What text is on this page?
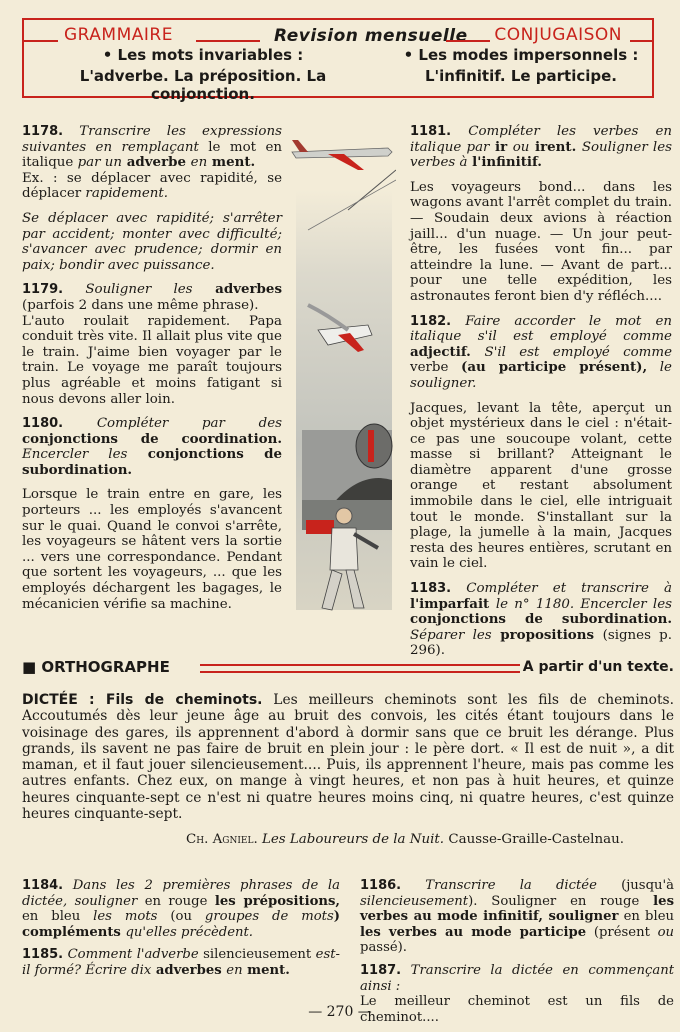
GRAMMAIRE	Revision mensuelle CONJUGAISON
• Les mots invariables :
L'adverbe. La préposition. La conjonction.
• Les modes impersonnels :
L'infinitif. Le participe.

1178. Transcrire les expressions suivantes en remplaçant le mot en italique par un adverbe en ment.
Ex. : se déplacer avec rapidité, se déplacer rapidement.

Se déplacer avec rapidité; s'arrêter par accident; monter avec difficulté; s'avancer avec prudence; dormir en paix; bondir avec puissance.

1179. Souligner les adverbes (parfois 2 dans une même phrase).
L'auto roulait rapidement. Papa conduit très vite. Il allait plus vite que le train. J'aime bien voyager par le train. Le voyage me paraît toujours plus agréable et moins fatigant si nous devons aller loin.

1180.	Compléter par des conjonctions de coordination. Encercler les conjonctions de subordination.

Lorsque le train entre en gare, les porteurs ... les employés s'avancent sur le quai. Quand le convoi s'arrête, les voyageurs se hâtent vers la sortie ... vers une correspondance. Pendant que sortent les voyageurs, ... que les employés déchargent les bagages, le mécanicien vérifie sa machine.

1181. Compléter les verbes en italique par ir ou irent. Souligner les verbes à l'infinitif.

Les voyageurs bond... dans les wagons avant l'arrêt complet du train. — Soudain deux avions à réaction jaill... d'un nuage. — Un jour peut-être, les fusées vont fin... par atteindre la lune. — Avant de part... pour une telle expédition, les astronautes feront bien d'y réfléch....

1182. Faire accorder le mot en italique s'il est employé comme adjectif. S'il est employé comme verbe (au participe présent), le souligner.

Jacques, levant la tête, aperçut un objet mystérieux dans le ciel : n'était-ce pas une soucoupe volant, cette masse si brillant? Atteignant le diamètre apparent d'une grosse orange et restant absolument immobile dans le ciel, elle intriguait tout le monde. S'installant sur la plage, la jumelle à la main, Jacques resta des heures entières, scrutant en vain le ciel.

1183. Compléter et transcrire à l'imparfait le n° 1180. Encercler les conjonctions de subordination. Séparer les propositions (signes p. 296).

■ ORTHOGRAPHE	A partir d'un texte.
DICTÉE : Fils de cheminots. Les meilleurs cheminots sont les fils de cheminots. Accoutumés dès leur jeune âge au bruit des convois, les cités étant toujours dans le voisinage des gares, ils apprennent d'abord à dormir sans que ce bruit les dérange. Plus grands, ils savent ne pas faire de bruit en plein jour : le père dort. « Il est de nuit », a dit maman, et il faut jouer silencieusement.... Puis, ils apprennent l'heure, mais pas comme les autres enfants. Chez eux, on mange à vingt heures, et non pas à huit heures, et quinze heures cinquante-sept ce n'est ni quatre heures moins cinq, ni quatre heures, c'est quinze heures cinquante-sept.
Ch. Agniel. Les Laboureurs de la Nuit. Causse-Graille-Castelnau.

1184. Dans les 2 premières phrases de la dictée, souligner en rouge les prépositions, en bleu les mots (ou groupes de mots) compléments qu'elles précèdent.

1185. Comment l'adverbe silencieusement est-il formé? Écrire dix adverbes en ment.

1186. Transcrire la dictée (jusqu'à silencieusement). Souligner en rouge les verbes au mode infinitif, souligner en bleu les verbes au mode participe (présent ou passé).

1187. Transcrire la dictée en commençant ainsi :
Le meilleur cheminot est un fils de cheminot....

— 270 —
